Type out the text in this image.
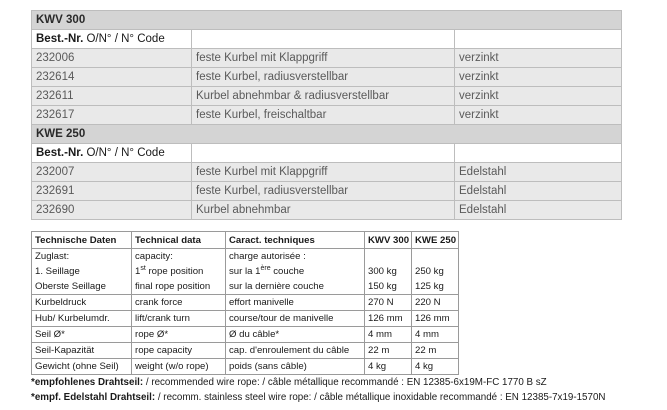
KWV 300		
Best.-Nr. O/N° / N° Code		
232006	feste Kurbel mit Klappgriff	verzinkt
232614	feste Kurbel, radiusverstellbar	verzinkt
232611	Kurbel abnehmbar & radiusverstellbar	verzinkt
232617	feste Kurbel, freischaltbar	verzinkt
KWE 250		
Best.-Nr. O/N° / N° Code		
232007	feste Kurbel mit Klappgriff	Edelstahl
232691	feste Kurbel, radiusverstellbar	Edelstahl
232690	Kurbel abnehmbar	Edelstahl
Technische Daten	Technical data	Caract. techniques	KWV 300	KWE 250
Zuglast:	capacity:	charge autorisée :		
1. Seillage	1st rope position	sur la 1ère couche	300 kg	250 kg
Oberste Seillage	final rope position	sur la dernière couche	150 kg	125 kg
Kurbeldruck	crank force	effort manivelle	270 N	220 N
Hub/ Kurbelumdr.	lift/crank turn	course/tour de manivelle	126 mm	126 mm
Seil Ø*	rope Ø*	Ø du câble*	4 mm	4 mm
Seil-Kapazität	rope capacity	cap. d'enroulement du câble	22 m	22 m
Gewicht (ohne Seil)	weight (w/o rope)	poids (sans câble)	4 kg	4 kg
*empfohlenes Drahtseil: / recommended wire rope: / câble métallique recommandé : EN 12385-6x19M-FC 1770 B sZ
*empf. Edelstahl Drahtseil: / recomm. stainless steel wire rope: / câble métallique inoxidable recommandé : EN 12385-7x19-1570N
